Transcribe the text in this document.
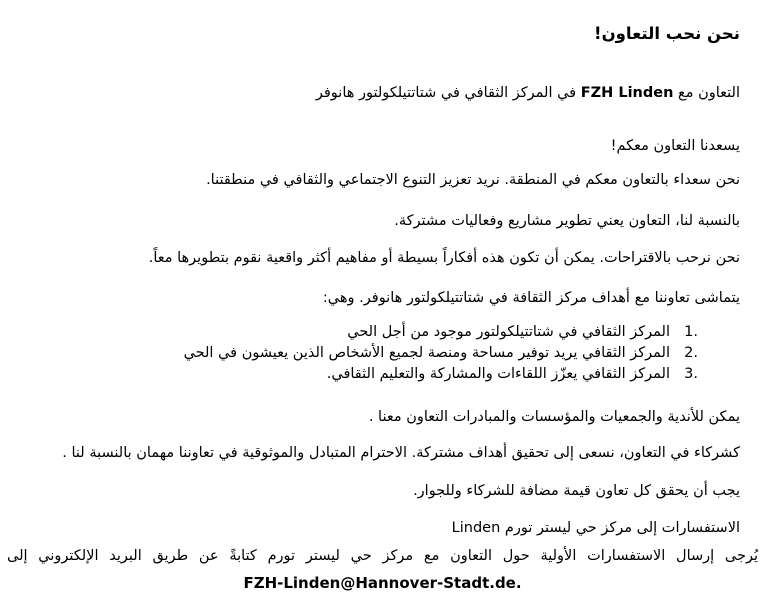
نحن نحب التعاون!

التعاون مع FZH Linden في المركز الثقافي في شتاتتيلكولتور هانوفر

يسعدنا التعاون معكم!

نحن سعداء بالتعاون معكم في المنطقة. نريد تعزيز التنوع الاجتماعي والثقافي في منطقتنا.

بالنسبة لنا، التعاون يعني تطوير مشاريع وفعاليات مشتركة.

نحن نرحب بالاقتراحات. يمكن أن تكون هذه أفكاراً بسيطة أو مفاهيم أكثر واقعية نقوم بتطويرها معاً.

يتماشى تعاوننا مع أهداف مركز الثقافة في شتاتتيلكولتور هانوفر. وهي:

1.المركز الثقافي في شتاتتيلكولتور موجود من أجل الحي
2.المركز الثقافي يريد توفير مساحة ومنصة لجميع الأشخاص الذين يعيشون في الحي
3.المركز الثقافي يعزّز اللقاءات والمشاركة والتعليم الثقافي.

يمكن للأندية والجمعيات والمؤسسات والمبادرات التعاون معنا .

كشركاء في التعاون، نسعى إلى تحقيق أهداف مشتركة. الاحترام المتبادل والموثوقية في تعاوننا مهمان بالنسبة لنا .

يجب أن يحقق كل تعاون قيمة مضافة للشركاء وللجوار.

الاستفسارات إلى مركز حي ليستر تورم Linden

يُرجى إرسال الاستفسارات الأولية حول التعاون مع مركز حي ليستر تورم كتابةً عن طريق البريد الإلكتروني إلى
FZH-Linden@Hannover-Stadt.de.
